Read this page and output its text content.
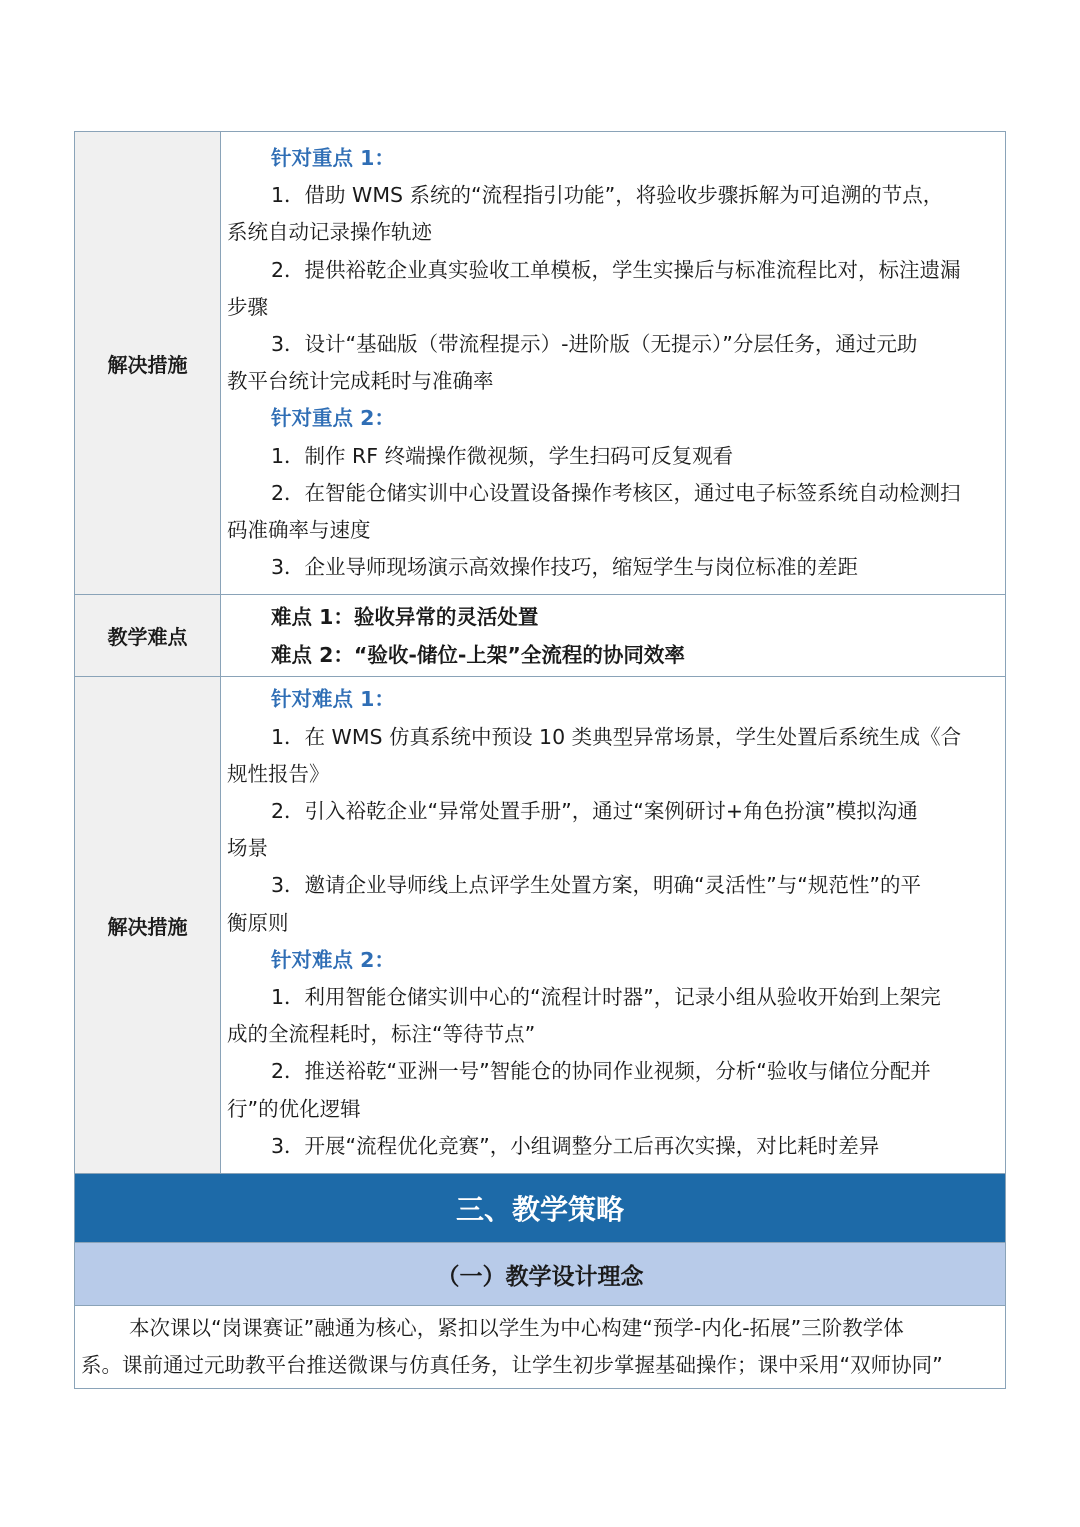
解决措施
针对重点 1：
1．借助 WMS 系统的“流程指引功能”，将验收步骤拆解为可追溯的节点，
系统自动记录操作轨迹
2．提供裕乾企业真实验收工单模板，学生实操后与标准流程比对，标注遗漏
步骤
3．设计“基础版（带流程提示）-进阶版（无提示）”分层任务，通过元助
教平台统计完成耗时与准确率
针对重点 2：
1．制作 RF 终端操作微视频，学生扫码可反复观看
2．在智能仓储实训中心设置设备操作考核区，通过电子标签系统自动检测扫
码准确率与速度
3．企业导师现场演示高效操作技巧，缩短学生与岗位标准的差距
教学难点
难点 1：验收异常的灵活处置
难点 2：“验收-储位-上架”全流程的协同效率
解决措施
针对难点 1：
1．在 WMS 仿真系统中预设 10 类典型异常场景，学生处置后系统生成《合
规性报告》
2．引入裕乾企业“异常处置手册”，通过“案例研讨+角色扮演”模拟沟通
场景
3．邀请企业导师线上点评学生处置方案，明确“灵活性”与“规范性”的平
衡原则
针对难点 2：
1．利用智能仓储实训中心的“流程计时器”，记录小组从验收开始到上架完
成的全流程耗时，标注“等待节点”
2．推送裕乾“亚洲一号”智能仓的协同作业视频，分析“验收与储位分配并
行”的优化逻辑
3．开展“流程优化竞赛”，小组调整分工后再次实操，对比耗时差异
三、教学策略
（一）教学设计理念
本次课以“岗课赛证”融通为核心，紧扣以学生为中心构建“预学-内化-拓展”三阶教学体
系。课前通过元助教平台推送微课与仿真任务，让学生初步掌握基础操作；课中采用“双师协同”
